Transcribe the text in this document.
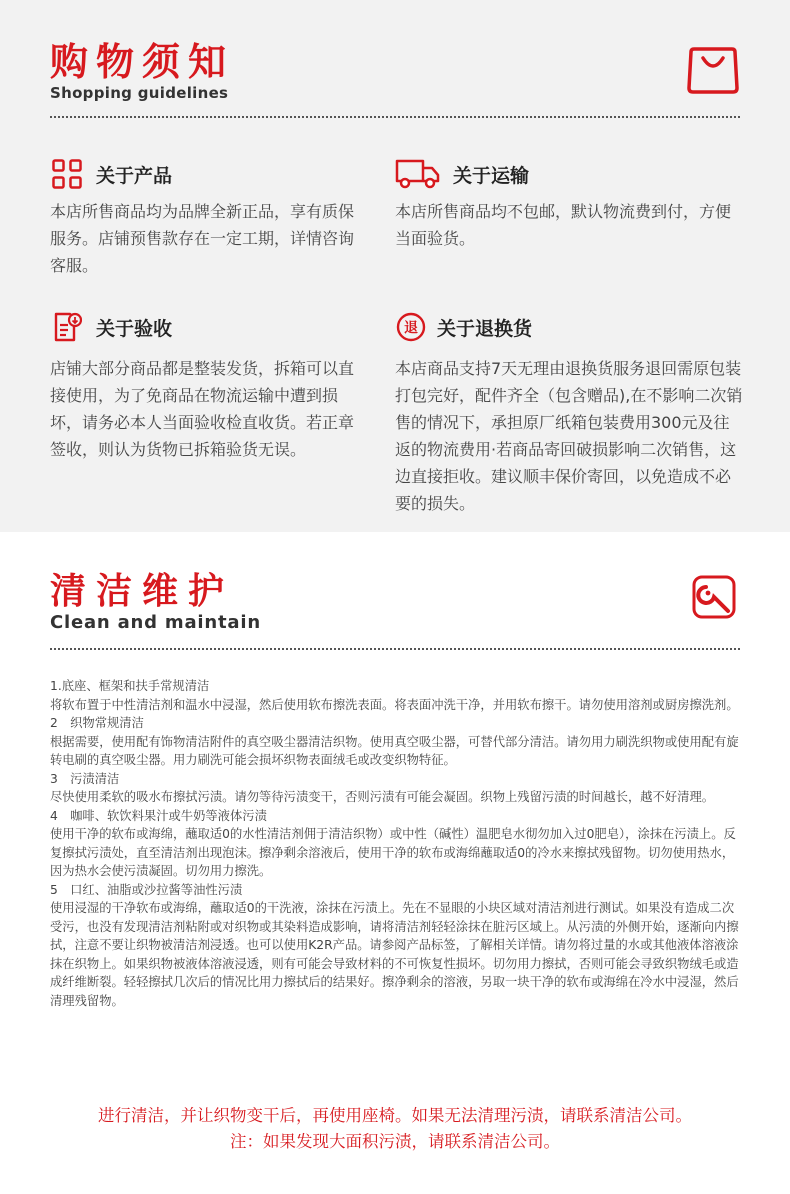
购物须知
Shopping guidelines
关于产品
本店所售商品均为品牌全新正品，享有质保服务。店铺预售款存在一定工期，详情咨询客服。
关于运输
本店所售商品均不包邮，默认物流费到付，方便当面验货。
关于验收
店铺大部分商品都是整装发货，拆箱可以直接使用，为了免商品在物流运输中遭到损坏，请务必本人当面验收检直收货。若正章签收，则认为货物已拆箱验货无误。
退 关于退换货
本店商品支持7天无理由退换货服务退回需原包装打包完好，配件齐全（包含赠品),在不影响二次销售的情况下，承担原厂纸箱包装费用300元及往返的物流费用·若商品寄回破损影响二次销售，这边直接拒收。建议顺丰保价寄回，以免造成不必要的损失。
清洁维护
Clean and maintain

1.底座、框架和扶手常规清洁

将软布置于中性清洁剂和温水中浸湿，然后使用软布擦洗表面。将表面冲洗干净，并用软布擦干。请勿使用溶剂或厨房擦洗剂。

2　织物常规清洁

根据需要，使用配有饰物清洁附件的真空吸尘器清洁织物。使用真空吸尘器，可替代部分清洁。请勿用力刷洗织物或使用配有旋转电刷的真空吸尘器。用力刷洗可能会损坏织物表面绒毛或改变织物特征。

3　污渍清洁

尽快使用柔软的吸水布擦拭污渍。请勿等待污渍变干，否则污渍有可能会凝固。织物上残留污渍的时间越长，越不好清理。

4　咖啡、软饮料果汁或牛奶等液体污渍

使用干净的软布或海绵，蘸取适0的水性清洁剂佣于清洁织物）或中性（碱性）温肥皂水彻勿加入过0肥皂），涂抹在污渍上。反复擦拭污渍处，直至清洁剂出现泡沫。擦净剩余溶液后，使用干净的软布或海绵蘸取适0的冷水来擦拭残留物。切勿使用热水，因为热水会使污渍凝固。切勿用力擦洗。

5　口红、油脂或沙拉酱等油性污渍

使用浸湿的干净软布或海绵，蘸取适0的干洗液，涂抹在污渍上。先在不显眼的小块区域对清洁剂进行测试。如果没有造成二次受污，也没有发现清洁剂粘附或对织物或其染料造成影响，请将清洁剂轻轻涂抹在脏污区域上。从污渍的外侧开始，逐渐向内擦拭，注意不要让织物被清洁剂浸透。也可以使用K2R产品。请参阅产品标签，了解相关详情。请勿将过量的水或其他液体溶液涂抹在织物上。如果织物被液体溶液浸透，则有可能会导致材料的不可恢复性损坏。切勿用力擦拭，否则可能会寻致织物绒毛或造成纤维断裂。轻轻擦拭几次后的情况比用力擦拭后的结果好。擦净剩余的溶液，另取一块干净的软布或海绵在冷水中浸湿，然后清理残留物。

进行清洁，并让织物变干后，再使用座椅。如果无法清理污渍，请联系清洁公司。
注：如果发现大面积污渍，请联系清洁公司。
